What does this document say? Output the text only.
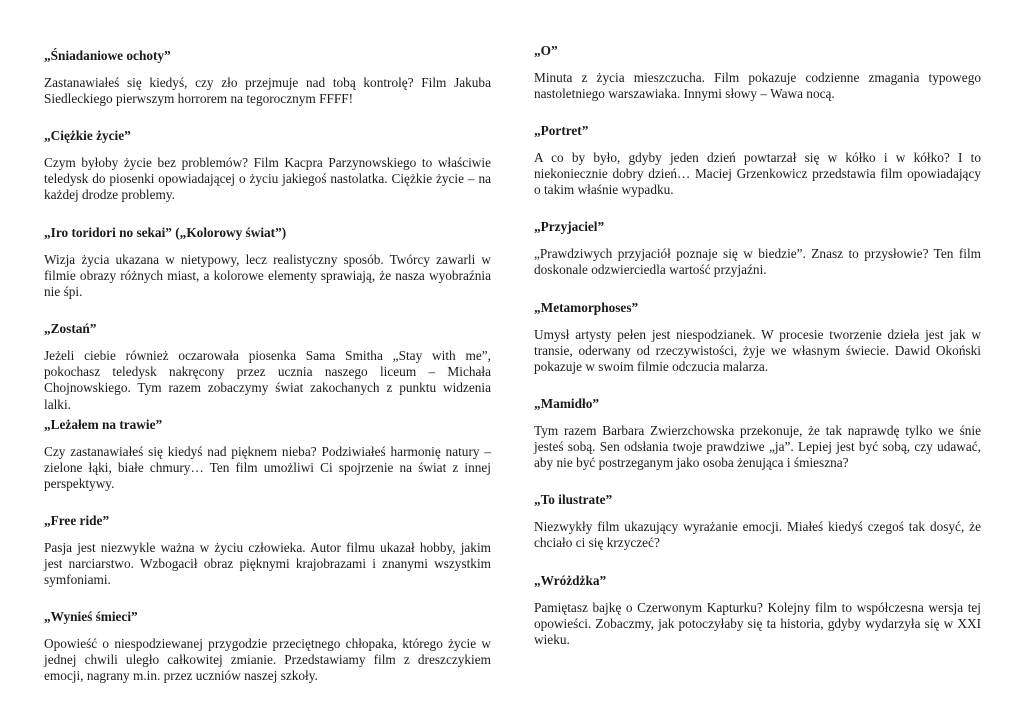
„Śniadaniowe ochoty”

Zastanawiałeś się kiedyś, czy zło przejmuje nad tobą kontrolę? Film Jakuba Siedleckiego pierwszym horrorem na tegorocznym FFFF!

„Ciężkie życie”

Czym byłoby życie bez problemów? Film Kacpra Parzynowskiego to właściwie teledysk do piosenki opowiadającej o życiu jakiegoś nastolatka. Ciężkie życie – na każdej drodze problemy.

„Iro toridori no sekai” („Kolorowy świat”)

Wizja życia ukazana w nietypowy, lecz realistyczny sposób. Twórcy zawarli w filmie obrazy różnych miast, a kolorowe elementy sprawiają, że nasza wyobraźnia nie śpi.

„Zostań”

Jeżeli ciebie również oczarowała piosenka Sama Smitha „Stay with me”, pokochasz teledysk nakręcony przez ucznia naszego liceum – Michała Chojnowskiego. Tym razem zobaczymy świat zakochanych z punktu widzenia lalki.

„Leżałem na trawie”

Czy zastanawiałeś się kiedyś nad pięknem nieba? Podziwiałeś harmonię natury – zielone łąki, białe chmury… Ten film umożliwi Ci spojrzenie na świat z innej perspektywy.

„Free ride”

Pasja jest niezwykle ważna w życiu człowieka. Autor filmu ukazał hobby, jakim jest narciarstwo. Wzbogacił obraz pięknymi krajobrazami i znanymi wszystkim symfoniami.

„Wynieś śmieci”

Opowieść o niespodziewanej przygodzie przeciętnego chłopaka, którego życie w jednej chwili uległo całkowitej zmianie. Przedstawiamy film z dreszczykiem emocji, nagrany m.in. przez uczniów naszej szkoły.

„O”

Minuta z życia mieszczucha. Film pokazuje codzienne zmagania typowego nastoletniego warszawiaka. Innymi słowy – Wawa nocą.

„Portret”

A co by było, gdyby jeden dzień powtarzał się w kółko i w kółko? I to niekoniecznie dobry dzień… Maciej Grzenkowicz przedstawia film opowiadający o takim właśnie wypadku.

„Przyjaciel”

„Prawdziwych przyjaciół poznaje się w biedzie”. Znasz to przysłowie? Ten film doskonale odzwierciedla wartość przyjaźni.

„Metamorphoses”

Umysł artysty pełen jest niespodzianek. W procesie tworzenie dzieła jest jak w transie, oderwany od rzeczywistości, żyje we własnym świecie. Dawid Okoński pokazuje w swoim filmie odczucia malarza.

„Mamidło”

Tym razem Barbara Zwierzchowska przekonuje, że tak naprawdę tylko we śnie jesteś sobą. Sen odsłania twoje prawdziwe „ja”. Lepiej jest być sobą, czy udawać, aby nie być postrzeganym jako osoba żenująca i śmieszna?

„To ilustrate”

Niezwykły film ukazujący wyrażanie emocji. Miałeś kiedyś czegoś tak dosyć, że chciało ci się krzyczeć?

„Wróżdżka”

Pamiętasz bajkę o Czerwonym Kapturku? Kolejny film to współczesna wersja tej opowieści. Zobaczmy, jak potoczyłaby się ta historia, gdyby wydarzyła się w XXI wieku.
